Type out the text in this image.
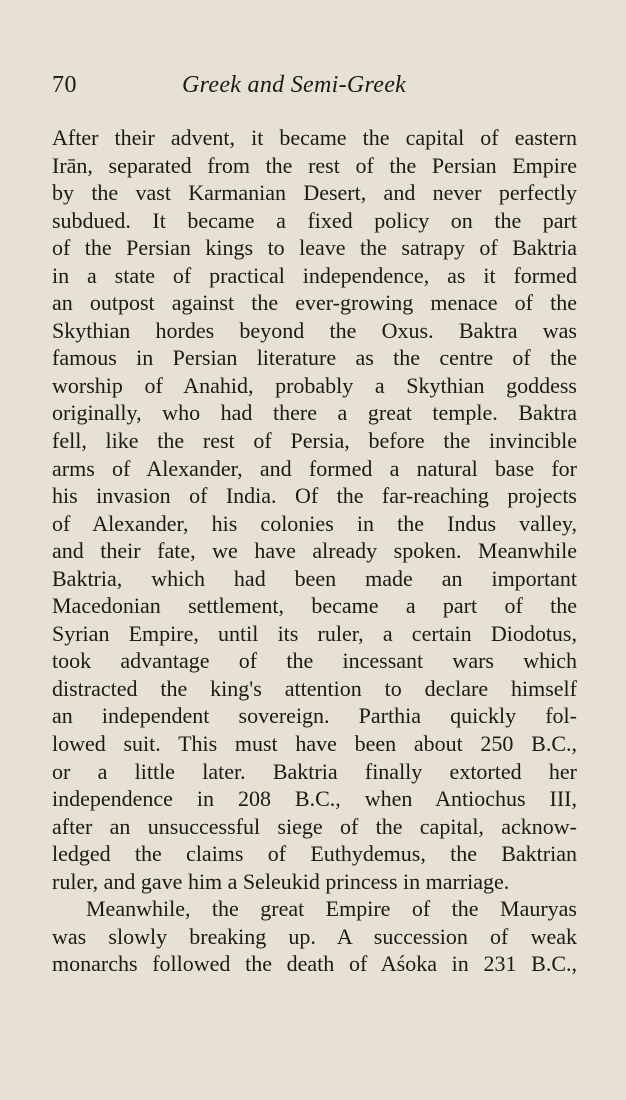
70	Greek and Semi-Greek
After their advent, it became the capital of eastern
Irān, separated from the rest of the Persian Empire
by the vast Karmanian Desert, and never perfectly
subdued. It became a fixed policy on the part
of the Persian kings to leave the satrapy of Baktria
in a state of practical independence, as it formed
an outpost against the ever-growing menace of the
Skythian hordes beyond the Oxus. Baktra was
famous in Persian literature as the centre of the
worship of Anahid, probably a Skythian goddess
originally, who had there a great temple. Baktra
fell, like the rest of Persia, before the invincible
arms of Alexander, and formed a natural base for
his invasion of India. Of the far-reaching projects
of Alexander, his colonies in the Indus valley,
and their fate, we have already spoken. Meanwhile
Baktria, which had been made an important
Macedonian settlement, became a part of the
Syrian Empire, until its ruler, a certain Diodotus,
took advantage of the incessant wars which
distracted the king's attention to declare himself
an independent sovereign. Parthia quickly fol-
lowed suit. This must have been about 250 B.C.,
or a little later. Baktria finally extorted her
independence in 208 B.C., when Antiochus III,
after an unsuccessful siege of the capital, acknow-
ledged the claims of Euthydemus, the Baktrian
ruler, and gave him a Seleukid princess in marriage.
Meanwhile, the great Empire of the Mauryas
was slowly breaking up. A succession of weak
monarchs followed the death of Aśoka in 231 B.C.,
